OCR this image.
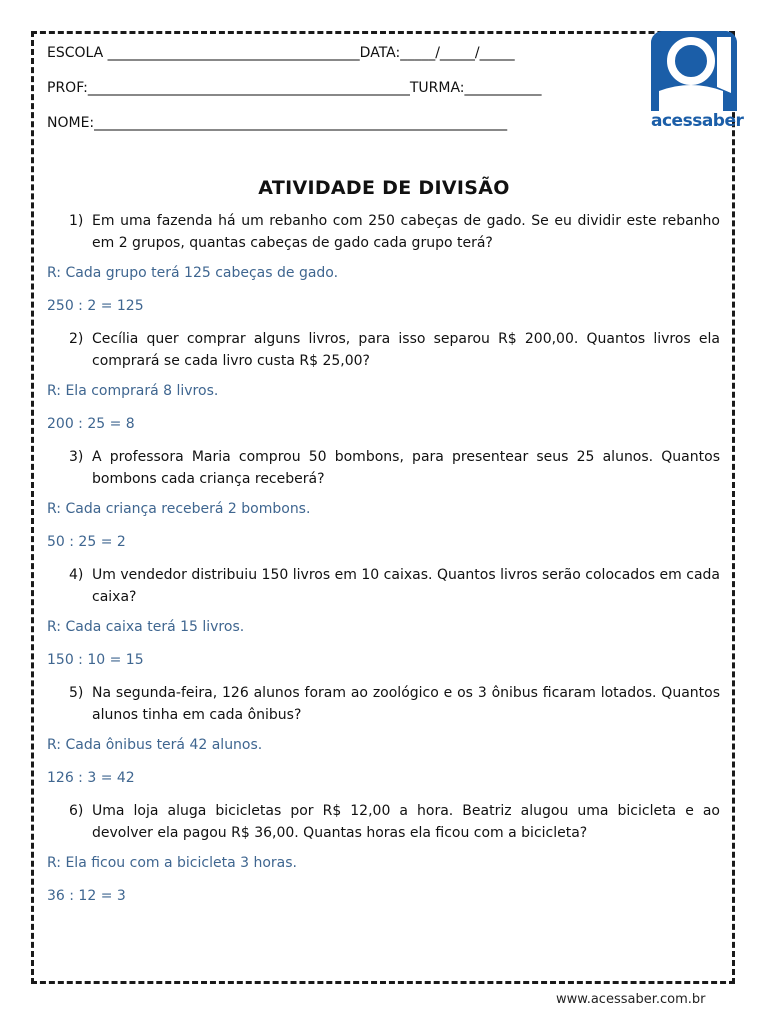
ESCOLA ____________________________________DATA:_____/_____/_____
PROF:______________________________________________TURMA:___________
NOME:___________________________________________________________	acessaber
ATIVIDADE DE DIVISÃO
1) Em uma fazenda há um rebanho com 250 cabeças de gado. Se eu dividir este rebanho em 2 grupos, quantas cabeças de gado cada grupo terá?
R: Cada grupo terá 125 cabeças de gado.
250 : 2 = 125
2) Cecília quer comprar alguns livros, para isso separou R$ 200,00. Quantos livros ela comprará se cada livro custa R$ 25,00?
R: Ela comprará 8 livros.
200 : 25 = 8
3) A professora Maria comprou 50 bombons, para presentear seus 25 alunos. Quantos bombons cada criança receberá?
R: Cada criança receberá 2 bombons.
50 : 25 = 2
4) Um vendedor distribuiu 150 livros em 10 caixas. Quantos livros serão colocados em cada caixa?
R: Cada caixa terá 15 livros.
150 : 10 = 15
5) Na segunda-feira, 126 alunos foram ao zoológico e os 3 ônibus ficaram lotados. Quantos alunos tinha em cada ônibus?
R: Cada ônibus terá 42 alunos.
126 : 3 = 42
6) Uma loja aluga bicicletas por R$ 12,00 a hora. Beatriz alugou uma bicicleta e ao devolver ela pagou R$ 36,00. Quantas horas ela ficou com a bicicleta?
R: Ela ficou com a bicicleta 3 horas.
36 : 12 = 3
www.acessaber.com.br
